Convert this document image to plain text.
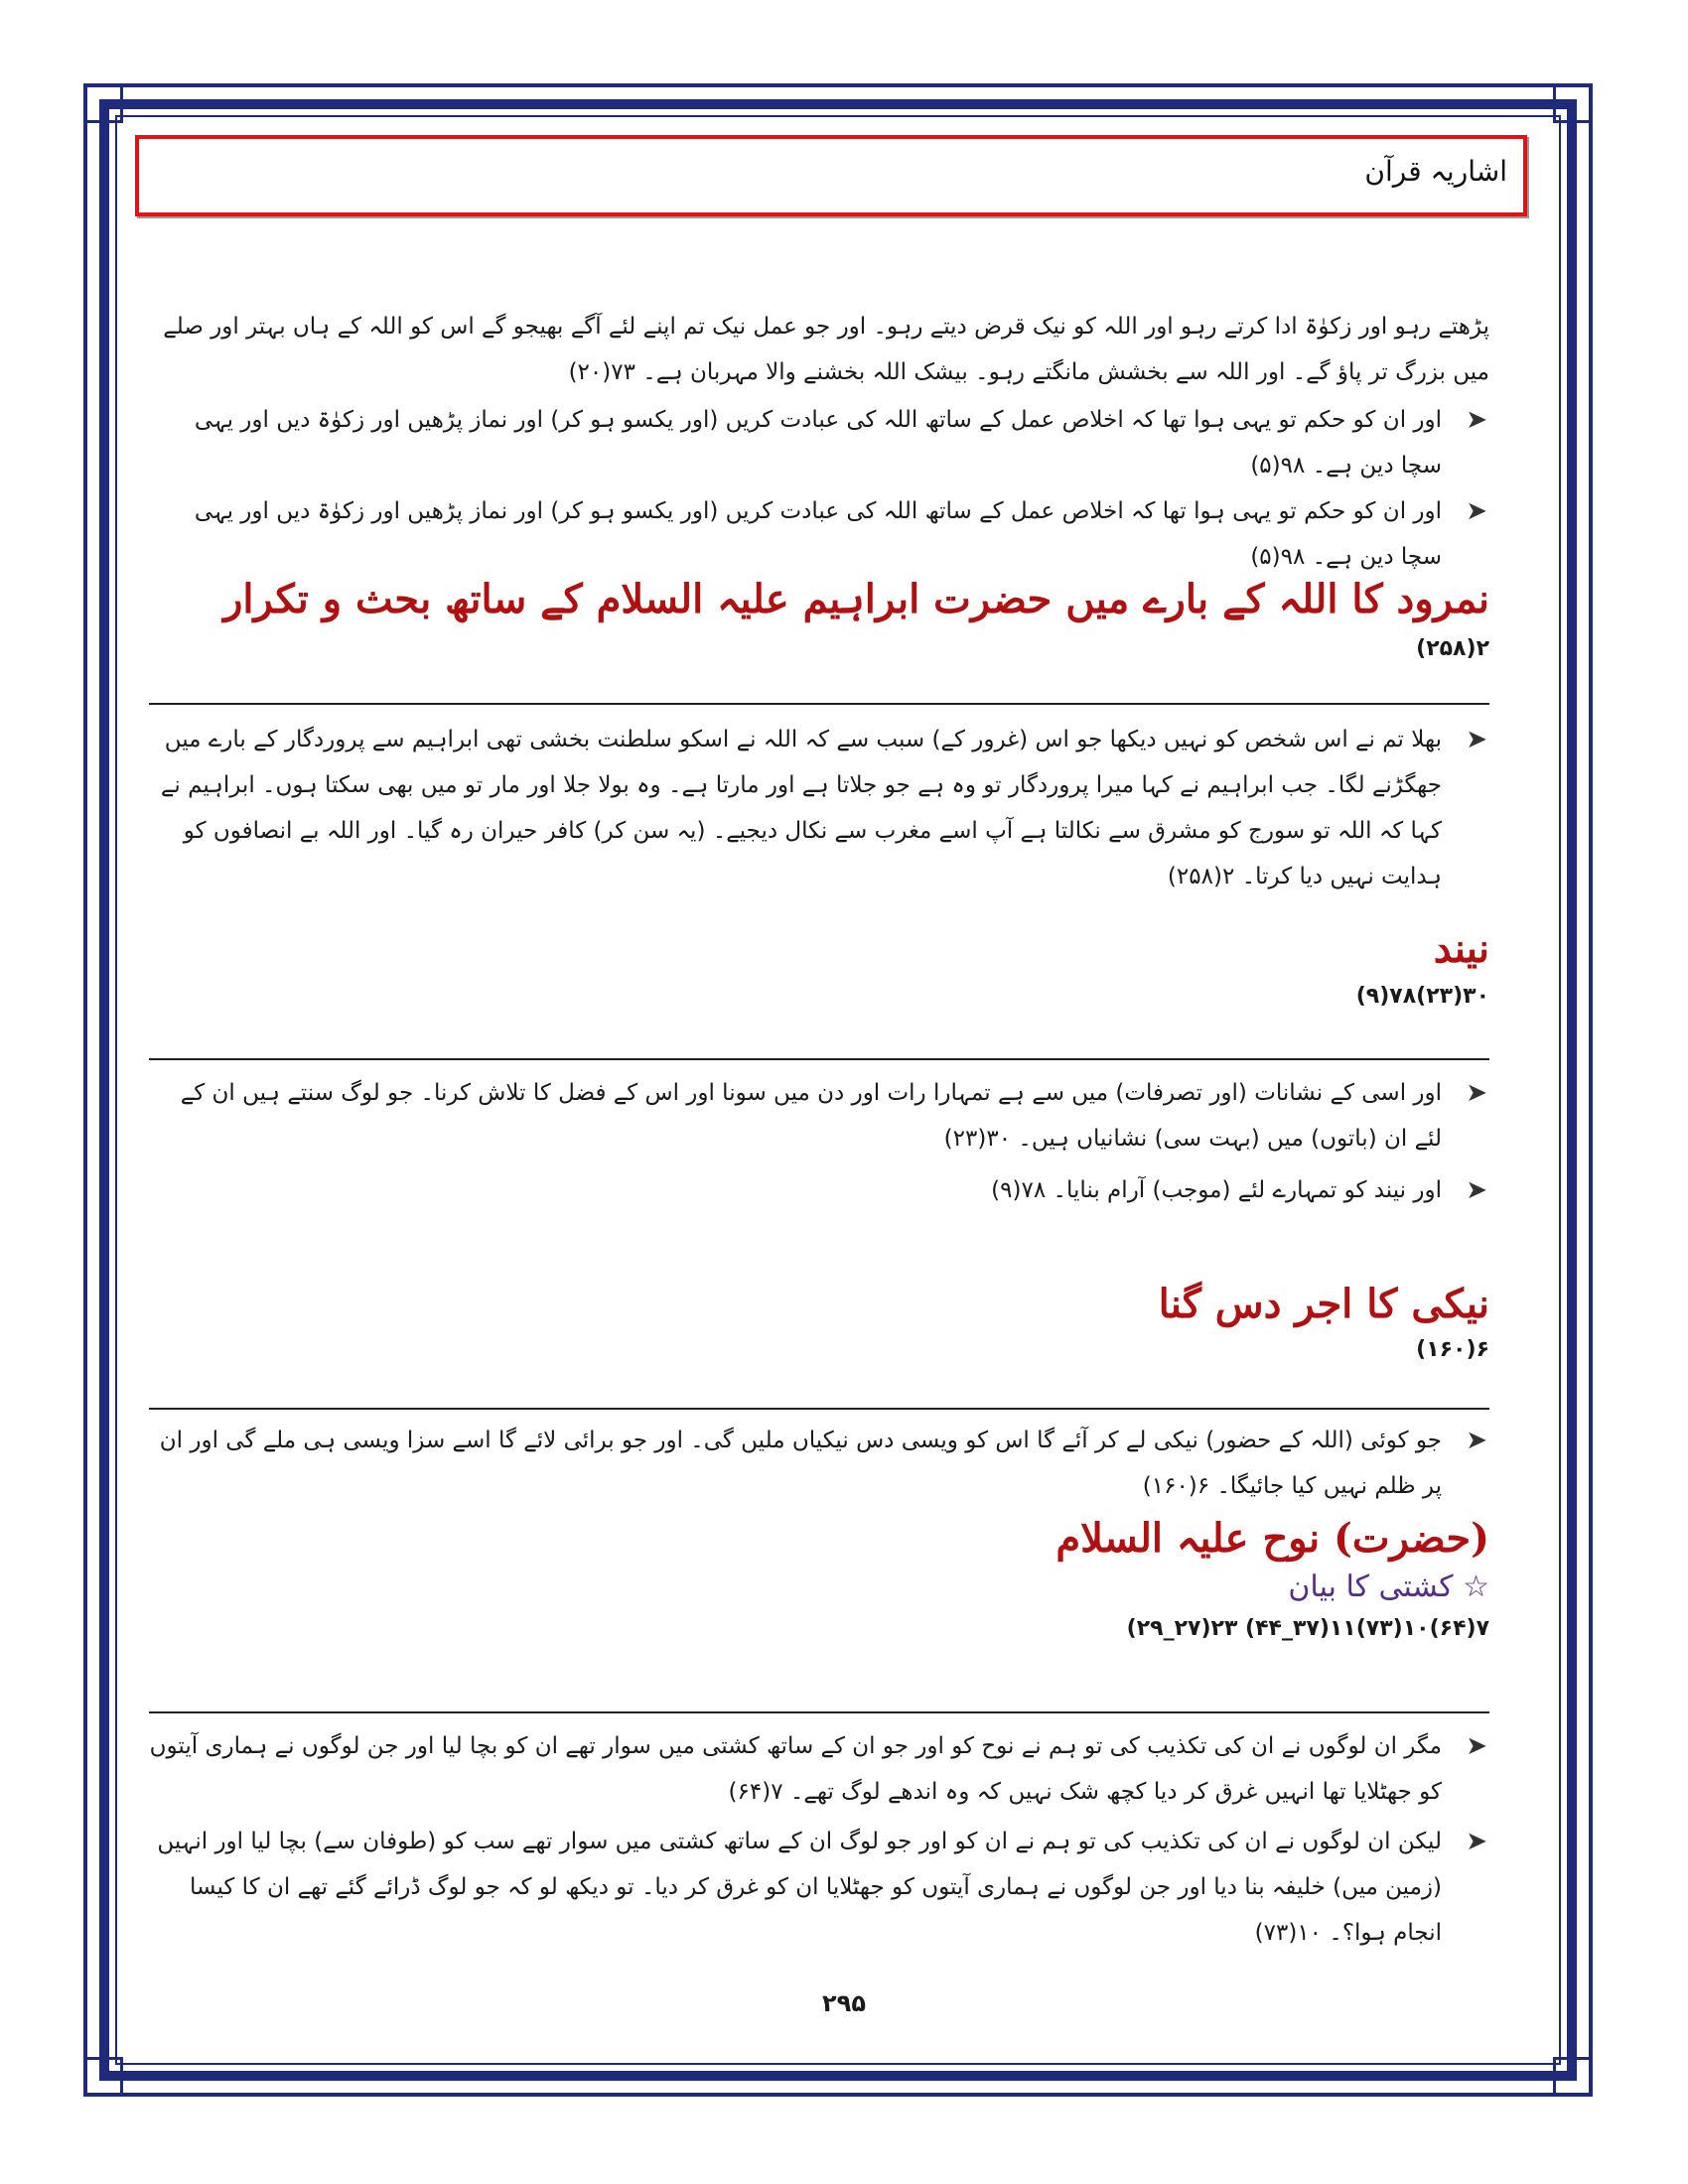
اشاریہ قرآن
پڑھتے رہو اور زکوٰۃ ادا کرتے رہو اور اللہ کو نیک قرض دیتے رہو۔ اور جو عمل نیک تم اپنے لئے آگے بھیجو گے اس کو اللہ کے ہاں بہتر اور صلے میں بزرگ تر پاؤ گے۔ اور اللہ سے بخشش مانگتے رہو۔ بیشک اللہ بخشنے والا مہربان ہے۔ ۷۳(۲۰)
➤
اور ان کو حکم تو یہی ہوا تھا کہ اخلاص عمل کے ساتھ اللہ کی عبادت کریں (اور یکسو ہو کر) اور نماز پڑھیں اور زکوٰۃ دیں اور یہی سچا دین ہے۔ ۹۸(۵)
➤
اور ان کو حکم تو یہی ہوا تھا کہ اخلاص عمل کے ساتھ اللہ کی عبادت کریں (اور یکسو ہو کر) اور نماز پڑھیں اور زکوٰۃ دیں اور یہی سچا دین ہے۔ ۹۸(۵)
نمرود کا اللہ کے بارے میں حضرت ابراہیم علیہ السلام کے ساتھ بحث و تکرار
۲(۲۵۸)
➤
بھلا تم نے اس شخص کو نہیں دیکھا جو اس (غرور کے) سبب سے کہ اللہ نے اسکو سلطنت بخشی تھی ابراہیم سے پروردگار کے بارے میں جھگڑنے لگا۔ جب ابراہیم نے کہا میرا پروردگار تو وہ ہے جو جلاتا ہے اور مارتا ہے۔ وہ بولا جلا اور مار تو میں بھی سکتا ہوں۔ ابراہیم نے کہا کہ اللہ تو سورج کو مشرق سے نکالتا ہے آپ اسے مغرب سے نکال دیجیے۔ (یہ سن کر) کافر حیران رہ گیا۔ اور اللہ بے انصافوں کو ہدایت نہیں دیا کرتا۔ ۲(۲۵۸)
نیند
۳۰(۲۳)۷۸(۹)
➤
اور اسی کے نشانات (اور تصرفات) میں سے ہے تمہارا رات اور دن میں سونا اور اس کے فضل کا تلاش کرنا۔ جو لوگ سنتے ہیں ان کے لئے ان (باتوں) میں (بہت سی) نشانیاں ہیں۔ ۳۰(۲۳)
➤
اور نیند کو تمہارے لئے (موجب) آرام بنایا۔ ۷۸(۹)
نیکی کا اجر دس گنا
۶(۱۶۰)
➤
جو کوئی (اللہ کے حضور) نیکی لے کر آئے گا اس کو ویسی دس نیکیاں ملیں گی۔ اور جو برائی لائے گا اسے سزا ویسی ہی ملے گی اور ان پر ظلم نہیں کیا جائیگا۔ ۶(۱۶۰)
(حضرت) نوح علیہ السلام
☆ کشتی کا بیان
۷(۶۴)۱۰(۷۳)۱۱(۳۷_۴۴) ۲۳(۲۷_۲۹)
➤
مگر ان لوگوں نے ان کی تکذیب کی تو ہم نے نوح کو اور جو ان کے ساتھ کشتی میں سوار تھے ان کو بچا لیا اور جن لوگوں نے ہماری آیتوں کو جھٹلایا تھا انہیں غرق کر دیا کچھ شک نہیں کہ وہ اندھے لوگ تھے۔ ۷(۶۴)
➤
لیکن ان لوگوں نے ان کی تکذیب کی تو ہم نے ان کو اور جو لوگ ان کے ساتھ کشتی میں سوار تھے سب کو (طوفان سے) بچا لیا اور انہیں (زمین میں) خلیفہ بنا دیا اور جن لوگوں نے ہماری آیتوں کو جھٹلایا ان کو غرق کر دیا۔ تو دیکھ لو کہ جو لوگ ڈرائے گئے تھے ان کا کیسا انجام ہوا؟۔ ۱۰(۷۳)
۲۹۵
